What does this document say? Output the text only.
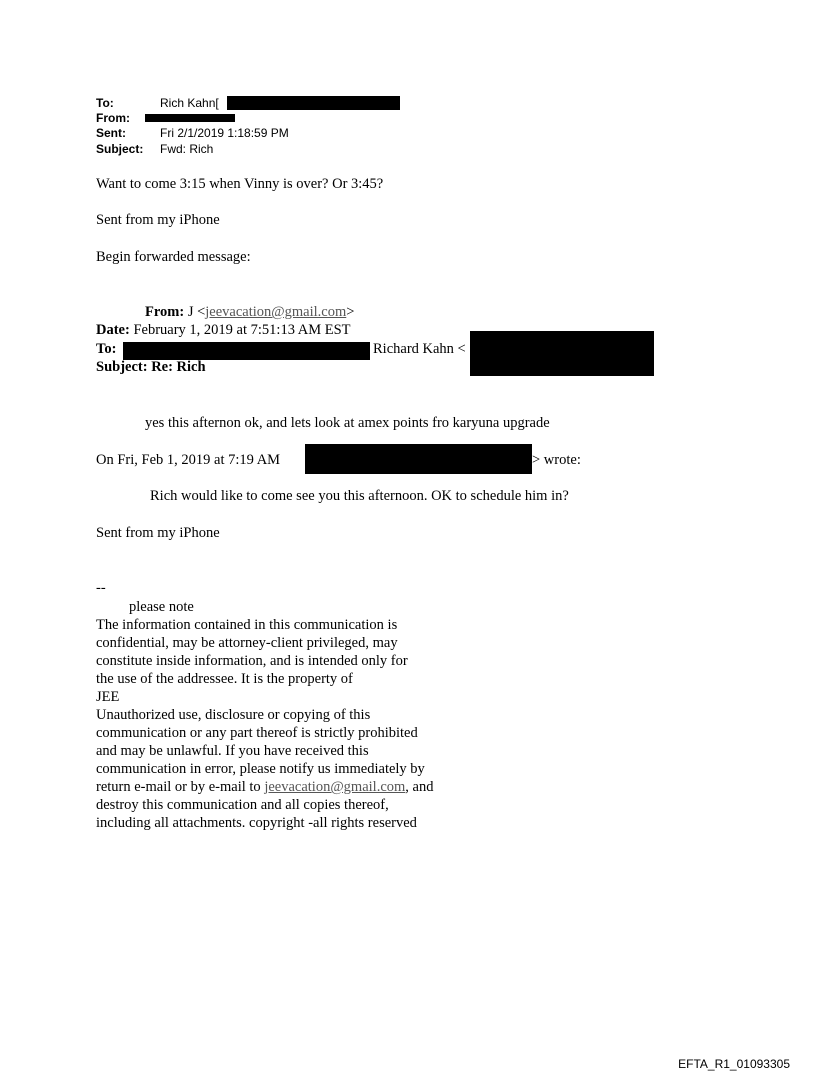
To:	Rich Kahn[
From:
Sent:	Fri 2/1/2019 1:18:59 PM
Subject: Fwd: Rich
Want to come 3:15 when Vinny is over? Or 3:45?
Sent from my iPhone
Begin forwarded message:
From: J <jeevacation@gmail.com>
Date: February 1, 2019 at 7:51:13 AM EST
To:	Richard Kahn <
Subject: Re: Rich
yes this afternon ok, and lets look at amex points fro karyuna upgrade
On Fri, Feb 1, 2019 at 7:19 AM	> wrote:
Rich would like to come see you this afternoon. OK to schedule him in?
Sent from my iPhone
--
please note
The information contained in this communication is
confidential, may be attorney-client privileged, may
constitute inside information, and is intended only for
the use of the addressee. It is the property of
JEE
Unauthorized use, disclosure or copying of this
communication or any part thereof is strictly prohibited
and may be unlawful. If you have received this
communication in error, please notify us immediately by
return e-mail or by e-mail to jeevacation@gmail.com, and
destroy this communication and all copies thereof,
including all attachments. copyright -all rights reserved
EFTA_R1_01093305
